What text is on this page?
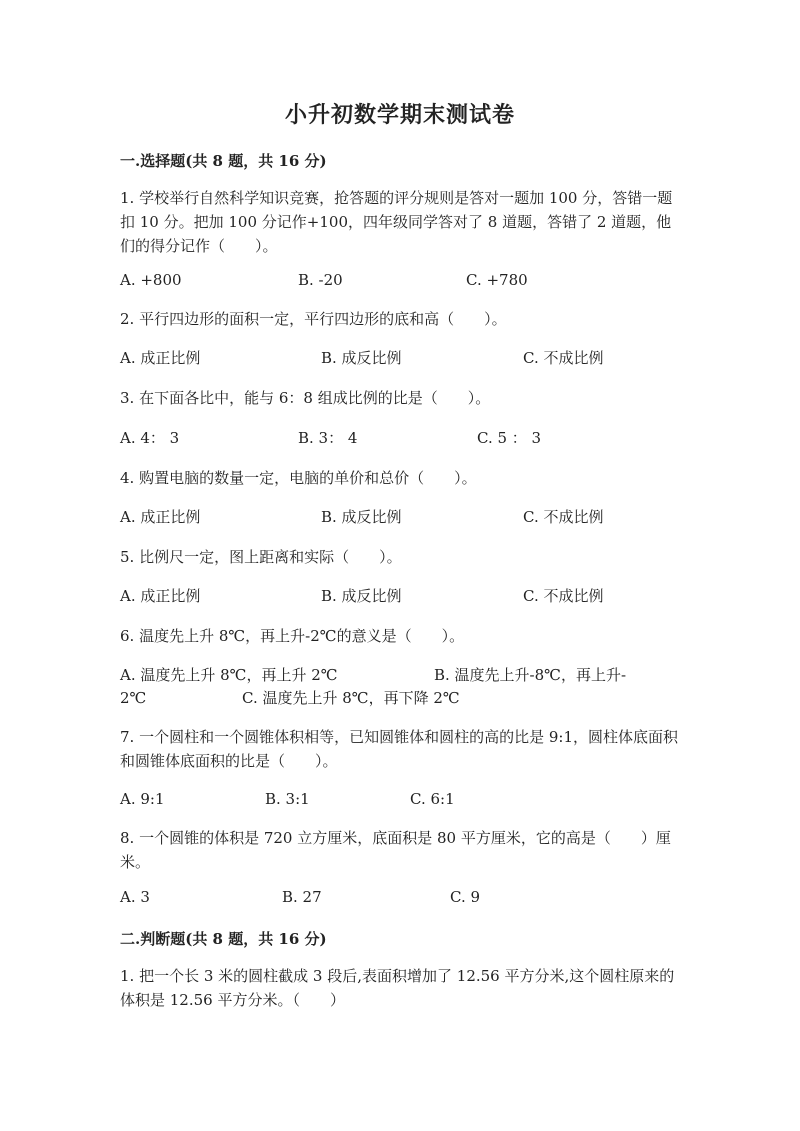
小升初数学期末测试卷
一.选择题(共 8 题，共 16 分)
1. 学校举行自然科学知识竞赛，抢答题的评分规则是答对一题加 100 分，答错一题扣 10 分。把加 100 分记作+100，四年级同学答对了 8 道题，答错了 2 道题，他们的得分记作（　　）。
A. +800	B. -20	C. +780
2. 平行四边形的面积一定，平行四边形的底和高（　　）。
A. 成正比例	B. 成反比例	C. 不成比例
3. 在下面各比中，能与 6：8 组成比例的比是（　　）。
A. 4： 3	B. 3： 4	C. 5 ： 3
4. 购置电脑的数量一定，电脑的单价和总价（　　）。
A. 成正比例	B. 成反比例	C. 不成比例
5. 比例尺一定，图上距离和实际（　　）。
A. 成正比例	B. 成反比例	C. 不成比例
6. 温度先上升 8℃，再上升-2℃的意义是（　　）。
A. 温度先上升 8℃，再上升 2℃	B. 温度先上升-8℃，再上升-
2℃	C. 温度先上升 8℃，再下降 2℃
7. 一个圆柱和一个圆锥体积相等，已知圆锥体和圆柱的高的比是 9:1，圆柱体底面积和圆锥体底面积的比是（　　）。
A. 9:1	B. 3:1	C. 6:1
8. 一个圆锥的体积是 720 立方厘米，底面积是 80 平方厘米，它的高是（　　）厘米。
A. 3	B. 27	C. 9
二.判断题(共 8 题，共 16 分)
1. 把一个长 3 米的圆柱截成 3 段后,表面积增加了 12.56 平方分米,这个圆柱原来的体积是 12.56 平方分米。（　　）
